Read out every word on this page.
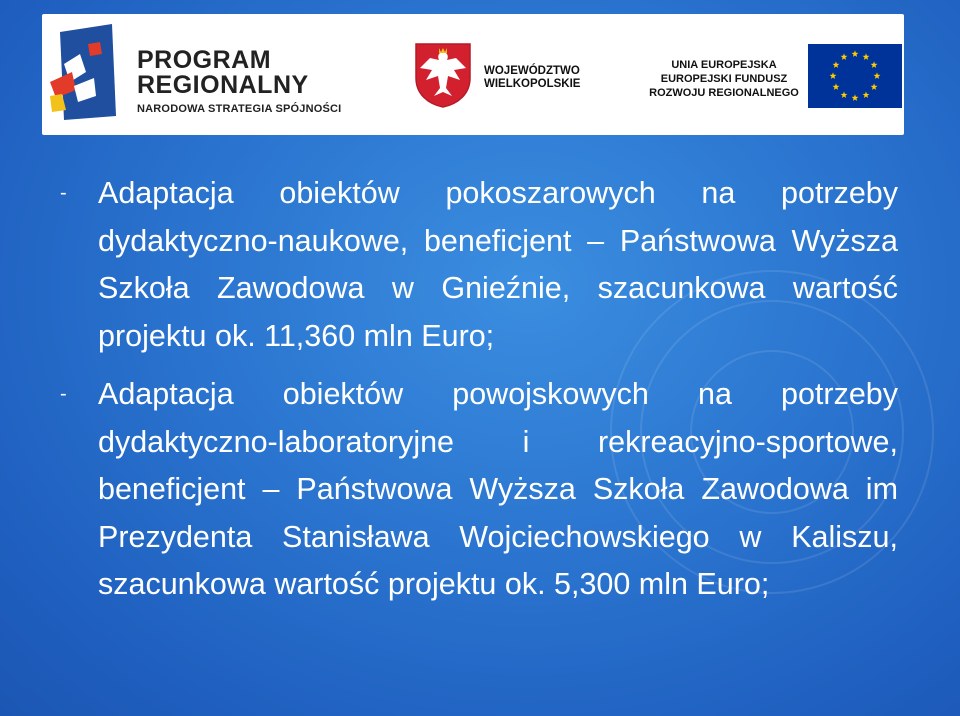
PROGRAM
REGIONALNY
NARODOWA STRATEGIA SPÓJNOŚCI
WOJEWÓDZTWO
WIELKOPOLSKIE
UNIA EUROPEJSKA
EUROPEJSKI FUNDUSZ
ROZWOJU REGIONALNEGO
- Adaptacja obiektów pokoszarowych na potrzeby dydaktyczno-naukowe, beneficjent – Państwowa Wyższa Szkoła Zawodowa w Gnieźnie, szacunkowa wartość projektu ok. 11,360 mln Euro;
- Adaptacja obiektów powojskowych na potrzeby dydaktyczno-laboratoryjne i rekreacyjno-sportowe, beneficjent – Państwowa Wyższa Szkoła Zawodowa im Prezydenta Stanisława Wojciechowskiego w Kaliszu, szacunkowa wartość projektu ok. 5,300 mln Euro;
